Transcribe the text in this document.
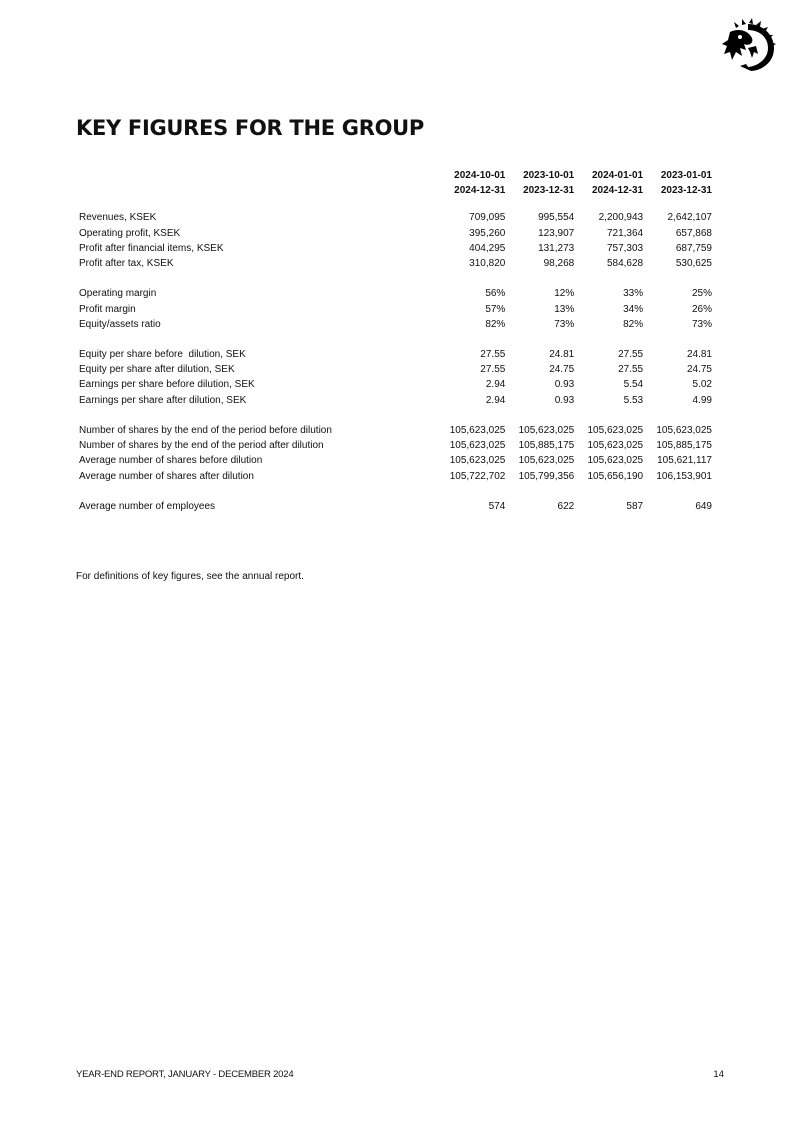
KEY FIGURES FOR THE GROUP
2024-10-01	2023-10-01	2024-01-01	2023-01-01
2024-12-31	2023-12-31	2024-12-31	2023-12-31
Revenues, KSEK	709,095	995,554	2,200,943	2,642,107
Operating profit, KSEK	395,260	123,907	721,364	657,868
Profit after financial items, KSEK	404,295	131,273	757,303	687,759
Profit after tax, KSEK	310,820	98,268	584,628	530,625
Operating margin	56%	12%	33%	25%
Profit margin	57%	13%	34%	26%
Equity/assets ratio	82%	73%	82%	73%
Equity per share before  dilution, SEK	27.55	24.81	27.55	24.81
Equity per share after dilution, SEK	27.55	24.75	27.55	24.75
Earnings per share before dilution, SEK	2.94	0.93	5.54	5.02
Earnings per share after dilution, SEK	2.94	0.93	5.53	4.99
Number of shares by the end of the period before dilution	105,623,025	105,623,025	105,623,025	105,623,025
Number of shares by the end of the period after dilution	105,623,025	105,885,175	105,623,025	105,885,175
Average number of shares before dilution	105,623,025	105,623,025	105,623,025	105,621,117
Average number of shares after dilution	105,722,702	105,799,356	105,656,190	106,153,901
Average number of employees	574	622	587	649

For definitions of key figures, see the annual report.

YEAR-END REPORT, JANUARY - DECEMBER 2024	14
